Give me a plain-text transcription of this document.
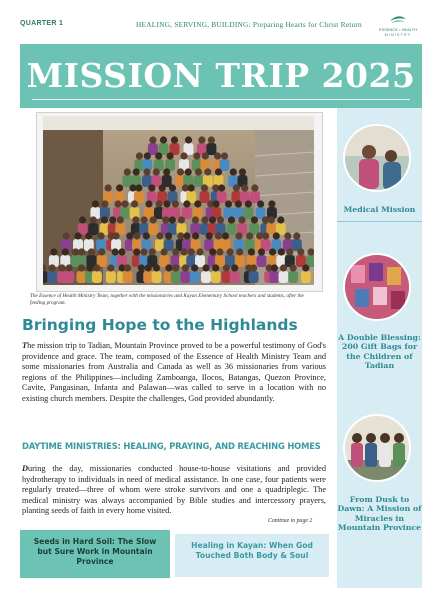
QUARTER 1	HEALING, SERVING, BUILDING: Preparing Hearts for Christ Return
ESSENCE • HEALTH
MINISTRY
MISSION TRIP 2025
The Essence of Health Ministry Team, together with the missionaries and Kayan Elementary School teachers and students, after the feeding program.
Bringing Hope to the Highlands
The mission trip to Tadian, Mountain Province proved to be a powerful testimony of God's providence and grace. The team, composed of the Essence of Health Ministry Team and some missionaries from Australia and Canada as well as 36 missionaries from various regions of the Philippines—including Zamboanga, Ilocos, Batangas, Quezon Province, Cavite, Pangasinan, Infanta and Palawan—was called to serve in a location with no existing church members. Despite the challenges, God provided abundantly.
DAYTIME MINISTRIES: HEALING, PRAYING, AND REACHING HOMES
During the day, missionaries conducted house-to-house visitations and provided hydrotherapy to individuals in need of medical assistance. In one case, four patients were regularly treated—three of whom were stroke survivors and one a quadriplegic. The medical ministry was always accompanied by Bible studies and intercessory prayers, planting seeds of faith in every home visited.
Continue to page 2
Seeds in Hard Soil: The Slow but Sure Work in Mountain Province
Healing in Kayan: When God Touched Both Body & Soul
Medical Mission
A Double Blessing: 200 Gift Bags for the Children of Tadian
From Dusk to Dawn: A Mission of Miracles in Mountain Province
